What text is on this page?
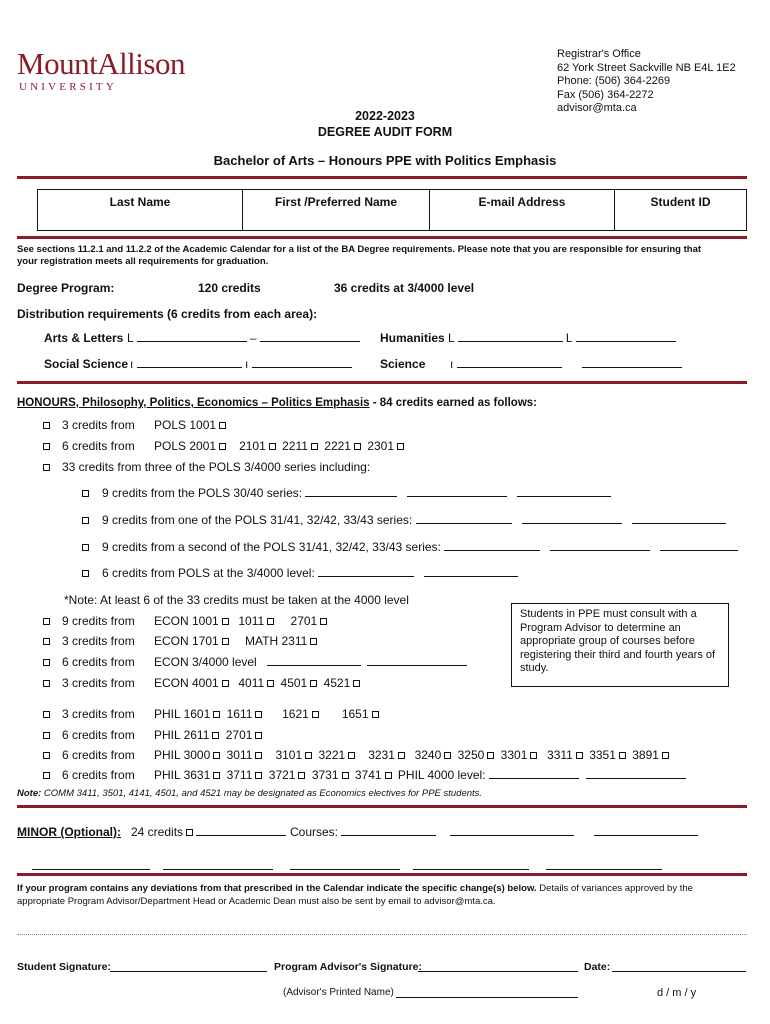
MountAllison
UNIVERSITY
Registrar's Office
62 York Street Sackville NB E4L 1E2
Phone: (506) 364-2269
Fax (506) 364-2272
advisor@mta.ca
2022-2023
DEGREE AUDIT FORM
Bachelor of Arts – Honours PPE with Politics Emphasis
Last Name	First /Preferred Name	E-mail Address	Student ID
See sections 11.2.1 and 11.2.2 of the Academic Calendar for a list of the BA Degree requirements. Please note that you are responsible for ensuring that
your registration meets all requirements for graduation.
Degree Program:	120 credits	36 credits at 3/4000 level
Distribution requirements (6 credits from each area):
Arts & Letters L	–	Humanities L	L
Social Science ı	ı	Science ı
HONOURS, Philosophy, Politics, Economics – Politics Emphasis - 84 credits earned as follows:
3 credits from POLS 1001
6 credits from POLS 2001 2101 2211 2221 2301
33 credits from three of the POLS 3/4000 series including:
9 credits from the POLS 30/40 series:
9 credits from one of the POLS 31/41, 32/42, 33/43 series:
9 credits from a second of the POLS 31/41, 32/42, 33/43 series:
6 credits from POLS at the 3/4000 level:
*Note: At least 6 of the 33 credits must be taken at the 4000 level
9 credits from ECON 1001 1011 2701
3 credits from ECON 1701 MATH 2311
6 credits from ECON 3/4000 level
3 credits from ECON 4001 4011 4501 4521
Students in PPE must consult with a Program Advisor to determine an appropriate group of courses before registering their third and fourth years of study.
3 credits from PHIL 1601 1611 1621	1651
6 credits from PHIL 2611 2701
6 credits from PHIL 3000 3011 3101 3221 3231 3240 3250 3301 3311 3351 3891
6 credits from PHIL 3631 3711 3721 3731 3741 PHIL 4000 level:
Note: COMM 3411, 3501, 4141, 4501, and 4521 may be designated as Economics electives for PPE students.
MINOR (Optional): 24 credits	Courses:

If your program contains any deviations from that prescribed in the Calendar indicate the specific change(s) below. Details of variances approved by the
appropriate Program Advisor/Department Head or Academic Dean must also be sent by email to advisor@mta.ca.
Student Signature:	Program Advisor's Signature:	Date:
(Advisor's Printed Name)	d / m / y
